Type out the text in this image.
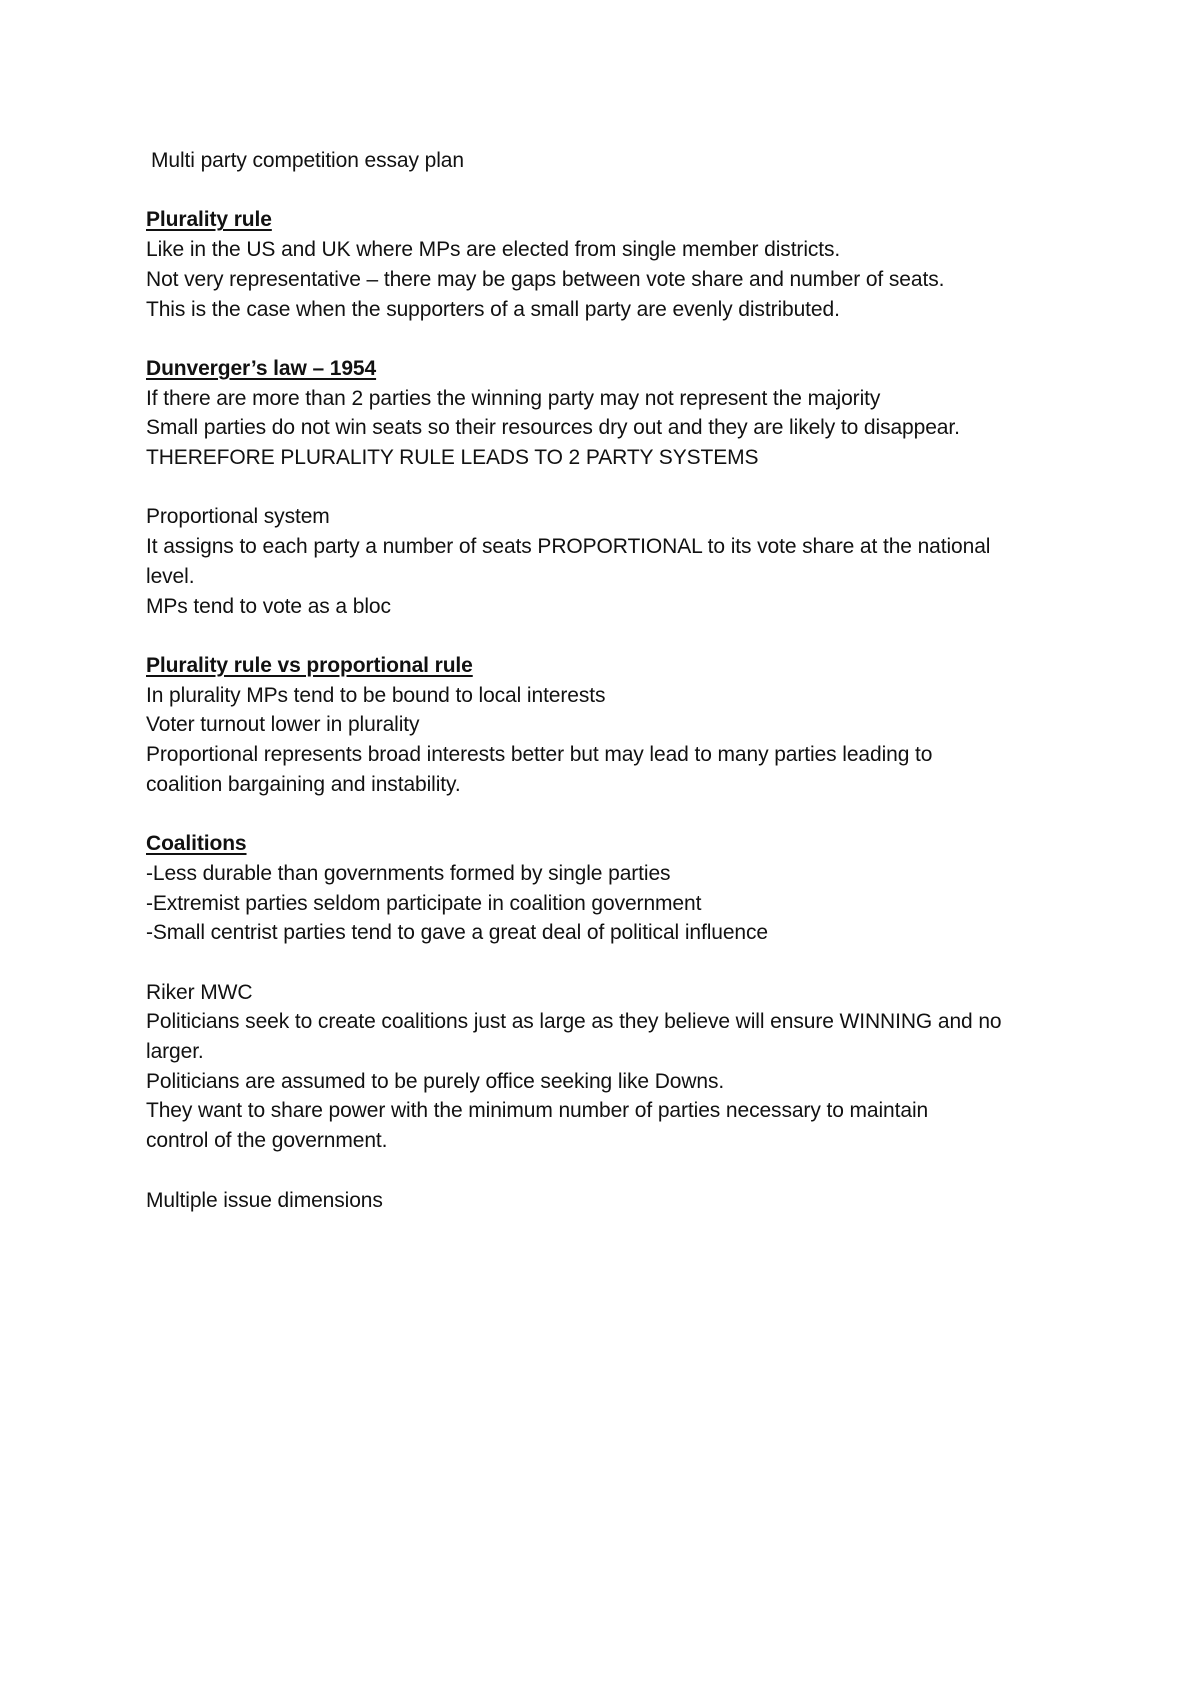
Multi party competition essay plan
Plurality rule
Like in the US and UK where MPs are elected from single member districts.
Not very representative – there may be gaps between vote share and number of seats.
This is the case when the supporters of a small party are evenly distributed.
Dunverger’s law – 1954
If there are more than 2 parties the winning party may not represent the majority
Small parties do not win seats so their resources dry out and they are likely to disappear.
THEREFORE PLURALITY RULE LEADS TO 2 PARTY SYSTEMS
Proportional system
It assigns to each party a number of seats PROPORTIONAL to its vote share at the national
level.
MPs tend to vote as a bloc
Plurality rule vs proportional rule
In plurality MPs tend to be bound to local interests
Voter turnout lower in plurality
Proportional represents broad interests better but may lead to many parties leading to
coalition bargaining and instability.
Coalitions
-Less durable than governments formed by single parties
-Extremist parties seldom participate in coalition government
-Small centrist parties tend to gave a great deal of political influence
Riker MWC
Politicians seek to create coalitions just as large as they believe will ensure WINNING and no
larger.
Politicians are assumed to be purely office seeking like Downs.
They want to share power with the minimum number of parties necessary to maintain
control of the government.
Multiple issue dimensions
